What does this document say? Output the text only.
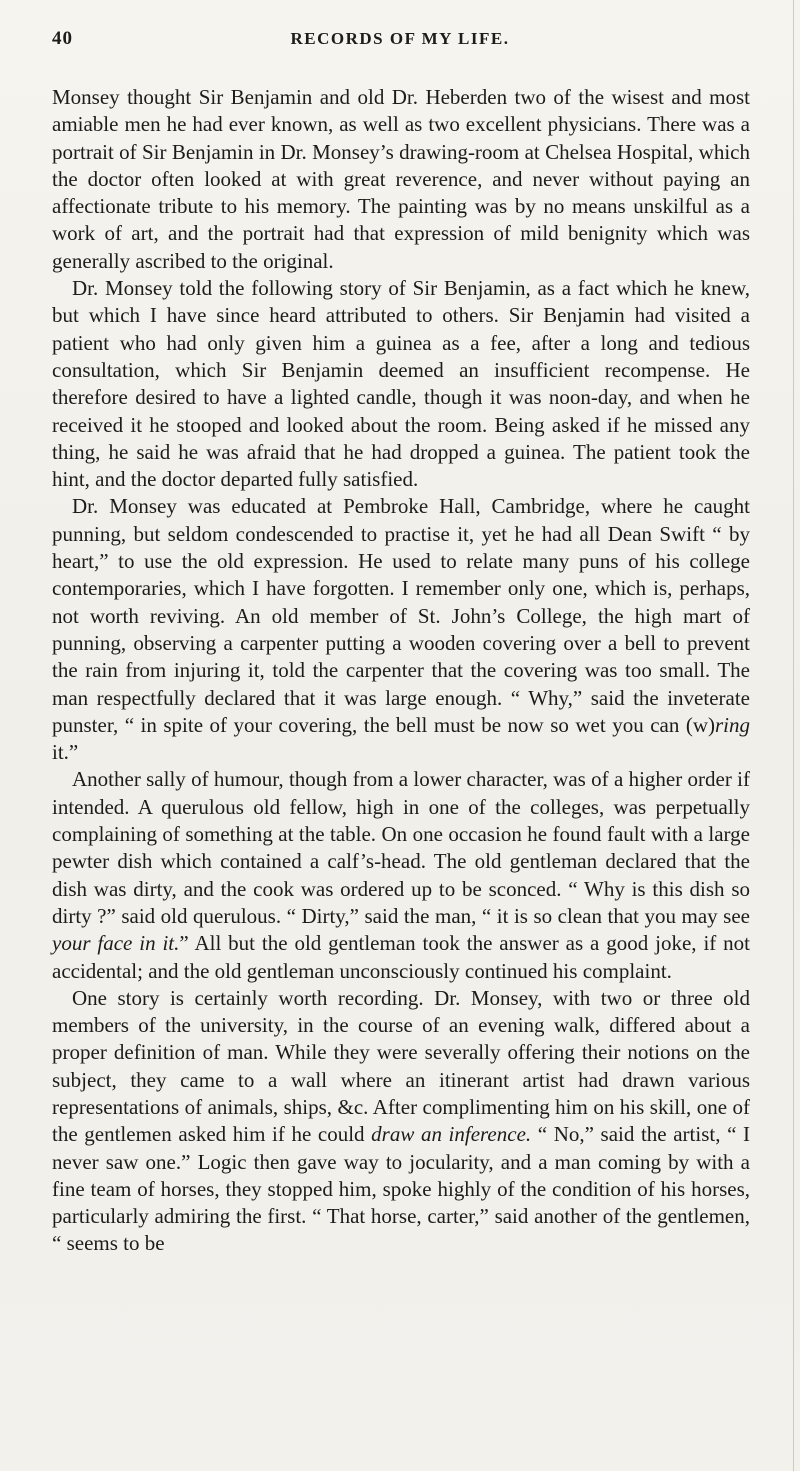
40	RECORDS OF MY LIFE.

Monsey thought Sir Benjamin and old Dr. Heberden two of the wisest and most amiable men he had ever known, as well as two excellent physicians. There was a portrait of Sir Benjamin in Dr. Monsey’s drawing-room at Chelsea Hospital, which the doctor often looked at with great reverence, and never without paying an affectionate tribute to his memory. The painting was by no means unskilful as a work of art, and the portrait had that expression of mild benignity which was generally ascribed to the original.

Dr. Monsey told the following story of Sir Benjamin, as a fact which he knew, but which I have since heard attributed to others. Sir Benjamin had visited a patient who had only given him a guinea as a fee, after a long and tedious consultation, which Sir Benjamin deemed an insufficient recompense. He therefore desired to have a lighted candle, though it was noon-day, and when he received it he stooped and looked about the room. Being asked if he missed any thing, he said he was afraid that he had dropped a guinea. The patient took the hint, and the doctor departed fully satisfied.

Dr. Monsey was educated at Pembroke Hall, Cambridge, where he caught punning, but seldom condescended to practise it, yet he had all Dean Swift “ by heart,” to use the old expression. He used to relate many puns of his college contemporaries, which I have forgotten. I remember only one, which is, perhaps, not worth reviving. An old member of St. John’s College, the high mart of punning, observing a carpenter putting a wooden covering over a bell to prevent the rain from injuring it, told the carpenter that the covering was too small. The man respectfully declared that it was large enough. “ Why,” said the inveterate punster, “ in spite of your covering, the bell must be now so wet you can (w)ring it.”

Another sally of humour, though from a lower character, was of a higher order if intended. A querulous old fellow, high in one of the colleges, was perpetually complaining of something at the table. On one occasion he found fault with a large pewter dish which contained a calf’s-head. The old gentleman declared that the dish was dirty, and the cook was ordered up to be sconced. “ Why is this dish so dirty ?” said old querulous. “ Dirty,” said the man, “ it is so clean that you may see your face in it.” All but the old gentleman took the answer as a good joke, if not accidental; and the old gentleman unconsciously continued his complaint.

One story is certainly worth recording. Dr. Monsey, with two or three old members of the university, in the course of an evening walk, differed about a proper definition of man. While they were severally offering their notions on the subject, they came to a wall where an itinerant artist had drawn various representations of animals, ships, &c. After complimenting him on his skill, one of the gentlemen asked him if he could draw an inference. “ No,” said the artist, “ I never saw one.” Logic then gave way to jocularity, and a man coming by with a fine team of horses, they stopped him, spoke highly of the condition of his horses, particularly admiring the first. “ That horse, carter,” said another of the gentlemen, “ seems to be
